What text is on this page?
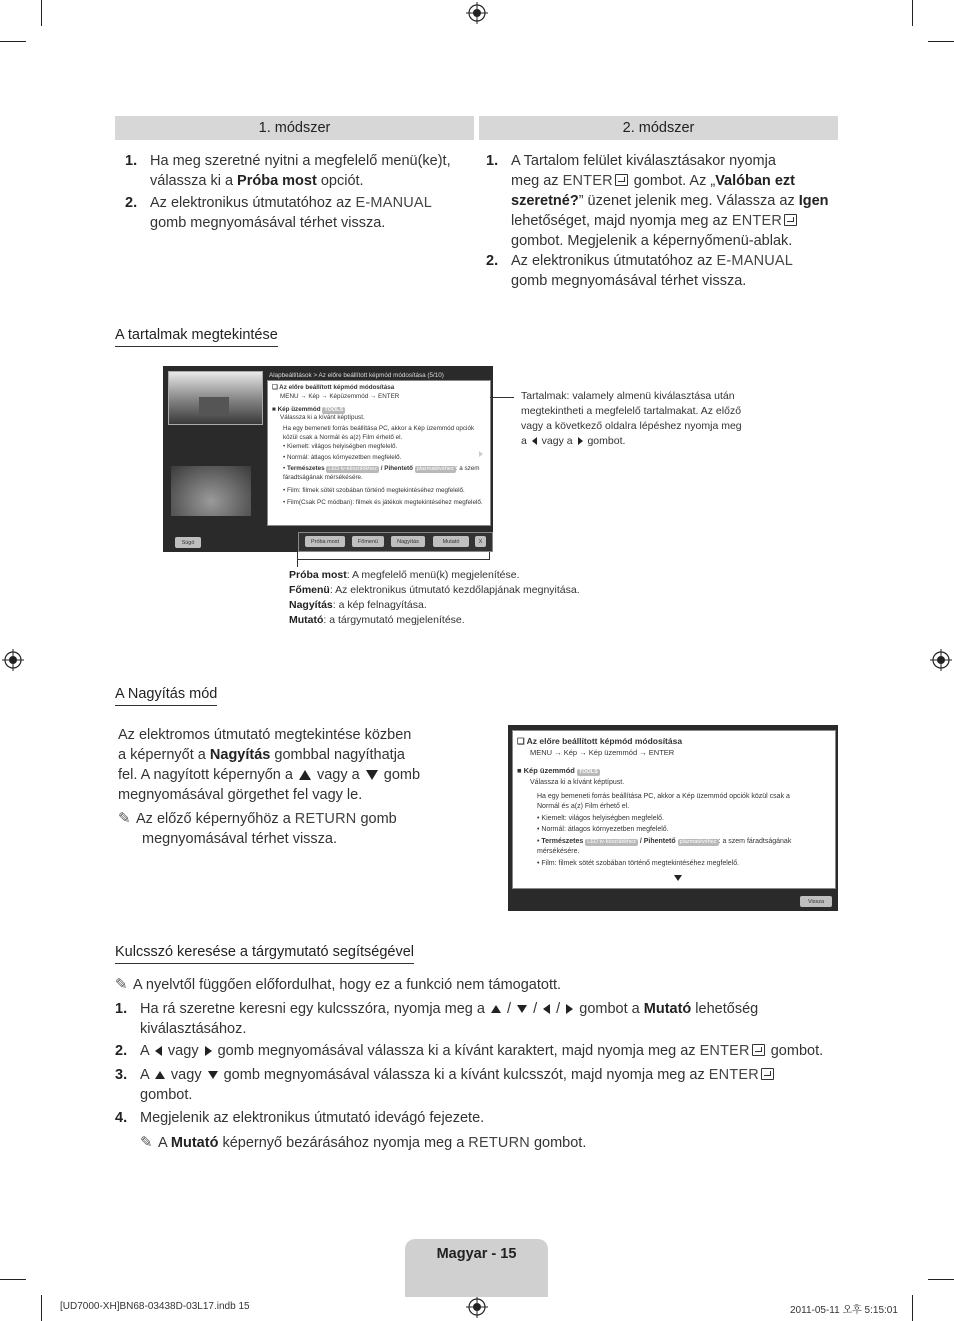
1. módszer	2. módszer
1. Ha meg szeretné nyitni a megfelelő menü(ke)t,
válassza ki a Próba most opciót.
2. Az elektronikus útmutatóhoz az E-MANUAL
gomb megnyomásával térhet vissza.
1. A Tartalom felület kiválasztásakor nyomja
meg az ENTER gombot. Az „Valóban ezt
szeretné?” üzenet jelenik meg. Válassza az Igen
lehetőséget, majd nyomja meg az ENTER
gombot. Megjelenik a képernyőmenü-ablak.
2. Az elektronikus útmutatóhoz az E-MANUAL
gomb megnyomásával térhet vissza.
A tartalmak megtekintése
❑ Az előre beállított képmód módosítása
MENU → Kép → Képüzemmód → ENTER
■ Kép üzemmód TOOLS
Válassza ki a kívánt képtípust.
Ha egy bemeneti forrás beállítása PC, akkor a Kép üzemmód opciók
közül csak a Normál és a(z) Film érhető el.
• Kiemelt: világos helyiségben megfelelő.
• Normál: átlagos környezetben megfelelő.
• Természetes LED tv-készülékhez / Pihentető plazmatévéhez : a szem
fáradtságának mérsékésére.
• Film: filmek sötét szobában történő megtekintéséhez megfelelő.
• Film(Csak PC módban): filmek és játékok megtekintéséhez megfelelő.
Alapbeállítások > Az előre beállított képmód módosítása (5/10)
Súgó	Próba most	Főmenü	Nagyítás	Mutató	X
Tartalmak: valamely almenü kiválasztása után
megtekintheti a megfelelő tartalmakat. Az előző
vagy a következő oldalra lépéshez nyomja meg
a  vagy a  gombot.
Próba most: A megfelelő menü(k) megjelenítése.
Főmenü: Az elektronikus útmutató kezdőlapjának megnyitása.
Nagyítás: a kép felnagyítása.
Mutató: a tárgymutató megjelenítése.
A Nagyítás mód
Az elektromos útmutató megtekintése közben
a képernyőt a Nagyítás gombbal nagyíthatja
fel. A nagyított képernyőn a  vagy a  gomb
megnyomásával görgethet fel vagy le.
✎ Az előző képernyőhöz a RETURN gomb
megnyomásával térhet vissza.
❑ Az előre beállított képmód módosítása
MENU → Kép → Kép üzemmód → ENTER
■ Kép üzemmód TOOLS
Válassza ki a kívánt képtípust.
Ha egy bemeneti forrás beállítása PC, akkor a Kép üzemmód opciók közül csak a
Normál és a(z) Film érhető el.
• Kiemelt: világos helyiségben megfelelő.
• Normál: átlagos környezetben megfelelő.
• Természetes LED tv-készülékhez / Pihentető plazmatévéhez : a szem fáradtságának
mérsékésére.
• Film: filmek sötét szobában történő megtekintéséhez megfelelő.
Vissza
Kulcsszó keresése a tárgymutató segítségével
✎ A nyelvtől függően előfordulhat, hogy ez a funkció nem támogatott.
1. Ha rá szeretne keresni egy kulcsszóra, nyomja meg a  /  /  /  gombot a Mutató lehetőség
kiválasztásához.
2. A  vagy  gomb megnyomásával válassza ki a kívánt karaktert, majd nyomja meg az ENTER gombot.
3. A  vagy  gomb megnyomásával válassza ki a kívánt kulcsszót, majd nyomja meg az ENTER
gombot.
4. Megjelenik az elektronikus útmutató idevágó fejezete.
✎ A Mutató képernyő bezárásához nyomja meg a RETURN gombot.
Magyar - 15
[UD7000-XH]BN68-03438D-03L17.indb 15	2011-05-11 오후 5:15:01
